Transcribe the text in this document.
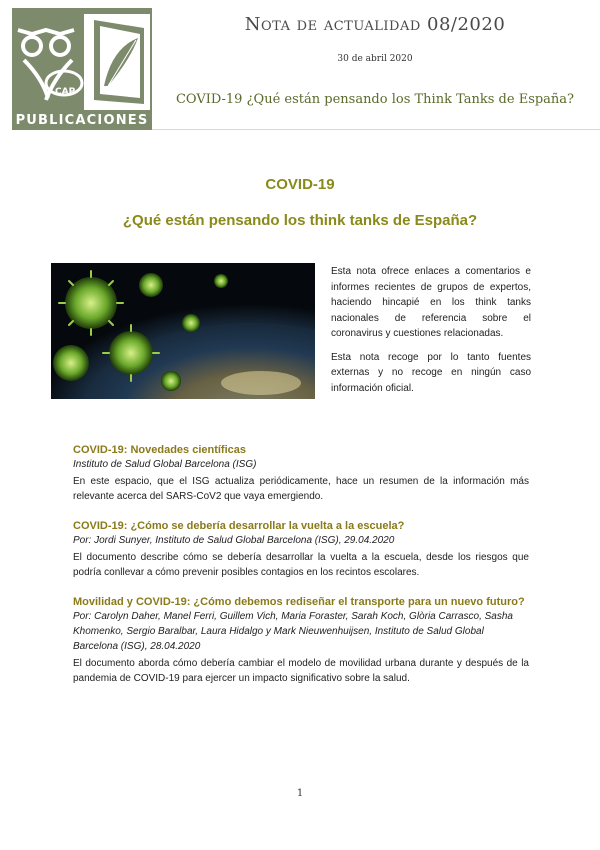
CAP
PUBLICACIONES
Nota de actualidad 08/2020
30 de abril 2020
COVID-19 ¿Qué están pensando los Think Tanks de España?
COVID-19
¿Qué están pensando los think tanks de España?

Esta nota ofrece enlaces a comentarios e informes recientes de grupos de expertos, haciendo hincapié en los think tanks nacionales de referencia sobre el coronavirus y cuestiones relacionadas.

Esta nota recoge por lo tanto fuentes externas y no recoge en ningún caso información oficial.

COVID-19: Novedades científicas
Instituto de Salud Global Barcelona (ISG)
En este espacio, que el ISG actualiza periódicamente, hace un resumen de la información más relevante acerca del SARS-CoV2 que vaya emergiendo.
COVID-19: ¿Cómo se debería desarrollar la vuelta a la escuela?
Por: Jordi Sunyer, Instituto de Salud Global Barcelona (ISG), 29.04.2020
El documento describe cómo se debería desarrollar la vuelta a la escuela, desde los riesgos que podría conllevar a cómo prevenir posibles contagios en los recintos escolares.
Movilidad y COVID-19: ¿Cómo debemos rediseñar el transporte para un nuevo futuro?
Por: Carolyn Daher, Manel Ferri, Guillem Vich, Maria Foraster, Sarah Koch, Glòria Carrasco, Sasha Khomenko, Sergio Baralbar, Laura Hidalgo y Mark Nieuwenhuijsen, Instituto de Salud Global Barcelona (ISG), 28.04.2020
El documento aborda cómo debería cambiar el modelo de movilidad urbana durante y después de la pandemia de COVID-19 para ejercer un impacto significativo sobre la salud.
1
